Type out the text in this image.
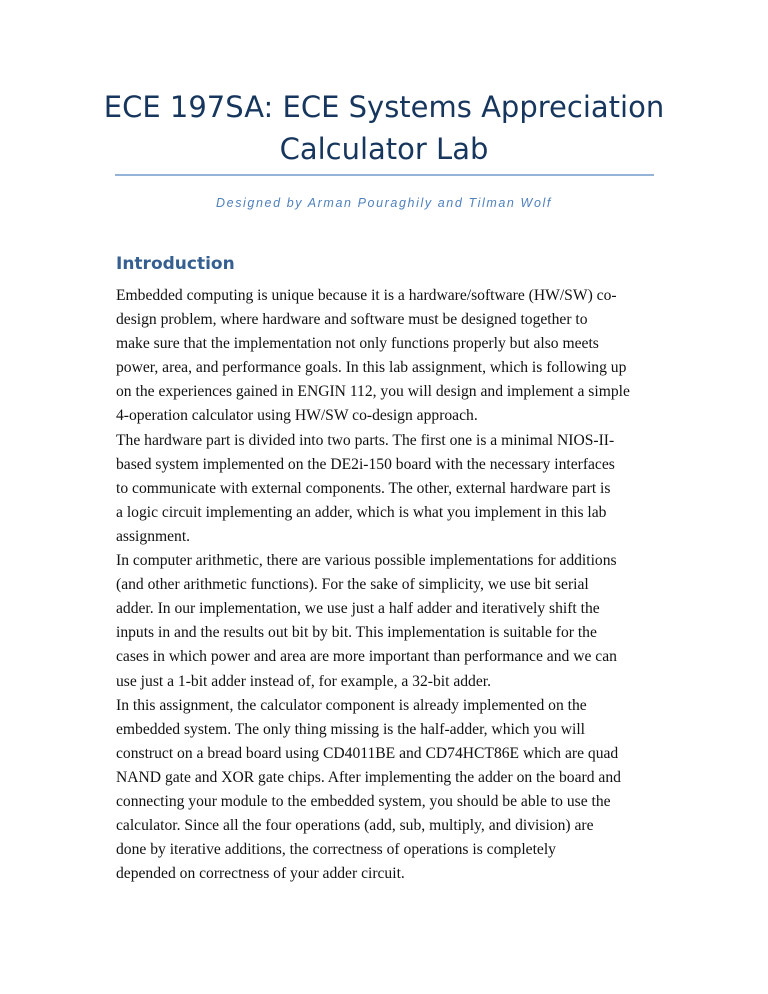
ECE 197SA: ECE Systems Appreciation
Calculator Lab
Designed by Arman Pouraghily and Tilman Wolf
Introduction
Embedded computing is unique because it is a hardware/software (HW/SW) co-
design problem, where hardware and software must be designed together to
make sure that the implementation not only functions properly but also meets
power, area, and performance goals. In this lab assignment, which is following up
on the experiences gained in ENGIN 112, you will design and implement a simple
4-operation calculator using HW/SW co-design approach.
The hardware part is divided into two parts. The first one is a minimal NIOS-II-
based system implemented on the DE2i-150 board with the necessary interfaces
to communicate with external components. The other, external hardware part is
a logic circuit implementing an adder, which is what you implement in this lab
assignment.
In computer arithmetic, there are various possible implementations for additions
(and other arithmetic functions). For the sake of simplicity, we use bit serial
adder. In our implementation, we use just a half adder and iteratively shift the
inputs in and the results out bit by bit. This implementation is suitable for the
cases in which power and area are more important than performance and we can
use just a 1-bit adder instead of, for example, a 32-bit adder.
In this assignment, the calculator component is already implemented on the
embedded system. The only thing missing is the half-adder, which you will
construct on a bread board using CD4011BE and CD74HCT86E which are quad
NAND gate and XOR gate chips. After implementing the adder on the board and
connecting your module to the embedded system, you should be able to use the
calculator. Since all the four operations (add, sub, multiply, and division) are
done by iterative additions, the correctness of operations is completely
depended on correctness of your adder circuit.
